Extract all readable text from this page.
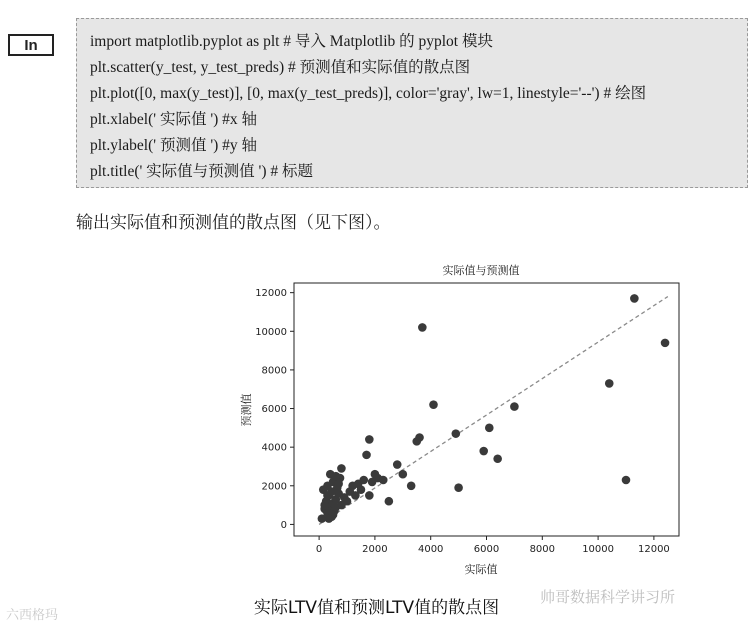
In	import matplotlib.pyplot as plt # 导入 Matplotlib 的 pyplot 模块
plt.scatter(y_test, y_test_preds) # 预测值和实际值的散点图
plt.plot([0, max(y_test)], [0, max(y_test_preds)], color='gray', lw=1, linestyle='--') # 绘图
plt.xlabel(' 实际值 ') #x 轴
plt.ylabel(' 预测值 ') #y 轴
plt.title(' 实际值与预测值 ') # 标题
输出实际值和预测值的散点图（见下图）。
实际值与预测值
0	2000	4000	6000	8000	10000 12000
0
2000
4000
6000
8000
10000
12000
实际值
预测值
实际LTV值和预测LTV值的散点图
六西格玛
帅哥数据科学讲习所
